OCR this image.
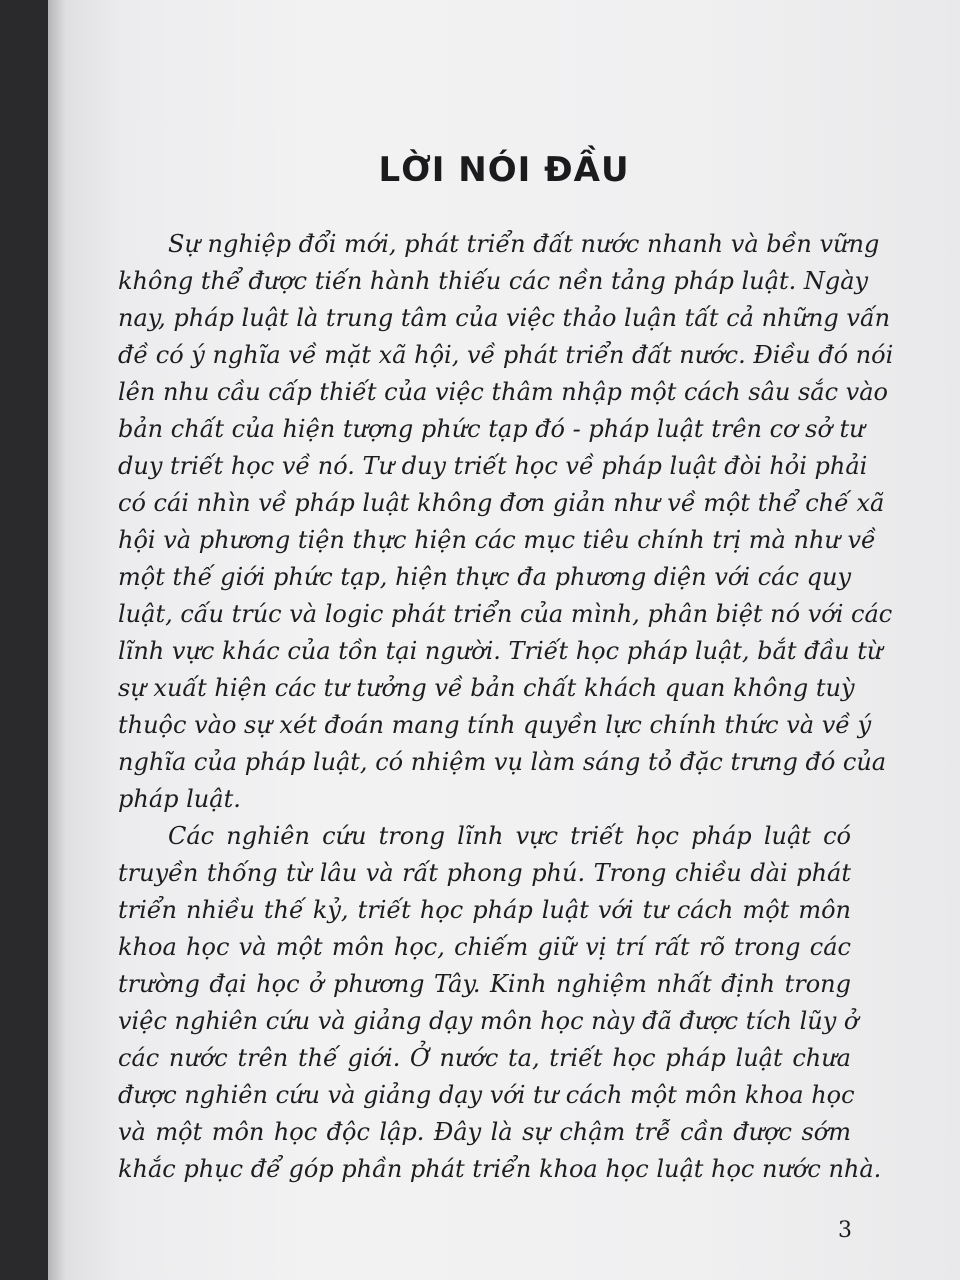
LỜI NÓI ĐẦU
Sự nghiệp đổi mới, phát triển đất nước nhanh và bền vững
không thể được tiến hành thiếu các nền tảng pháp luật. Ngày
nay, pháp luật là trung tâm của việc thảo luận tất cả những vấn
đề có ý nghĩa về mặt xã hội, về phát triển đất nước. Điều đó nói
lên nhu cầu cấp thiết của việc thâm nhập một cách sâu sắc vào
bản chất của hiện tượng phức tạp đó - pháp luật trên cơ sở tư
duy triết học về nó. Tư duy triết học về pháp luật đòi hỏi phải
có cái nhìn về pháp luật không đơn giản như về một thể chế xã
hội và phương tiện thực hiện các mục tiêu chính trị mà như về
một thế giới phức tạp, hiện thực đa phương diện với các quy
luật, cấu trúc và logic phát triển của mình, phân biệt nó với các
lĩnh vực khác của tồn tại người. Triết học pháp luật, bắt đầu từ
sự xuất hiện các tư tưởng về bản chất khách quan không tuỳ
thuộc vào sự xét đoán mang tính quyền lực chính thức và về ý
nghĩa của pháp luật, có nhiệm vụ làm sáng tỏ đặc trưng đó của
pháp luật.
Các nghiên cứu trong lĩnh vực triết học pháp luật có
truyền thống từ lâu và rất phong phú. Trong chiều dài phát
triển nhiều thế kỷ, triết học pháp luật với tư cách một môn
khoa học và một môn học, chiếm giữ vị trí rất rõ trong các
trường đại học ở phương Tây. Kinh nghiệm nhất định trong
việc nghiên cứu và giảng dạy môn học này đã được tích lũy ở
các nước trên thế giới. Ở nước ta, triết học pháp luật chưa
được nghiên cứu và giảng dạy với tư cách một môn khoa học
và một môn học độc lập. Đây là sự chậm trễ cần được sớm
khắc phục để góp phần phát triển khoa học luật học nước nhà.
3
